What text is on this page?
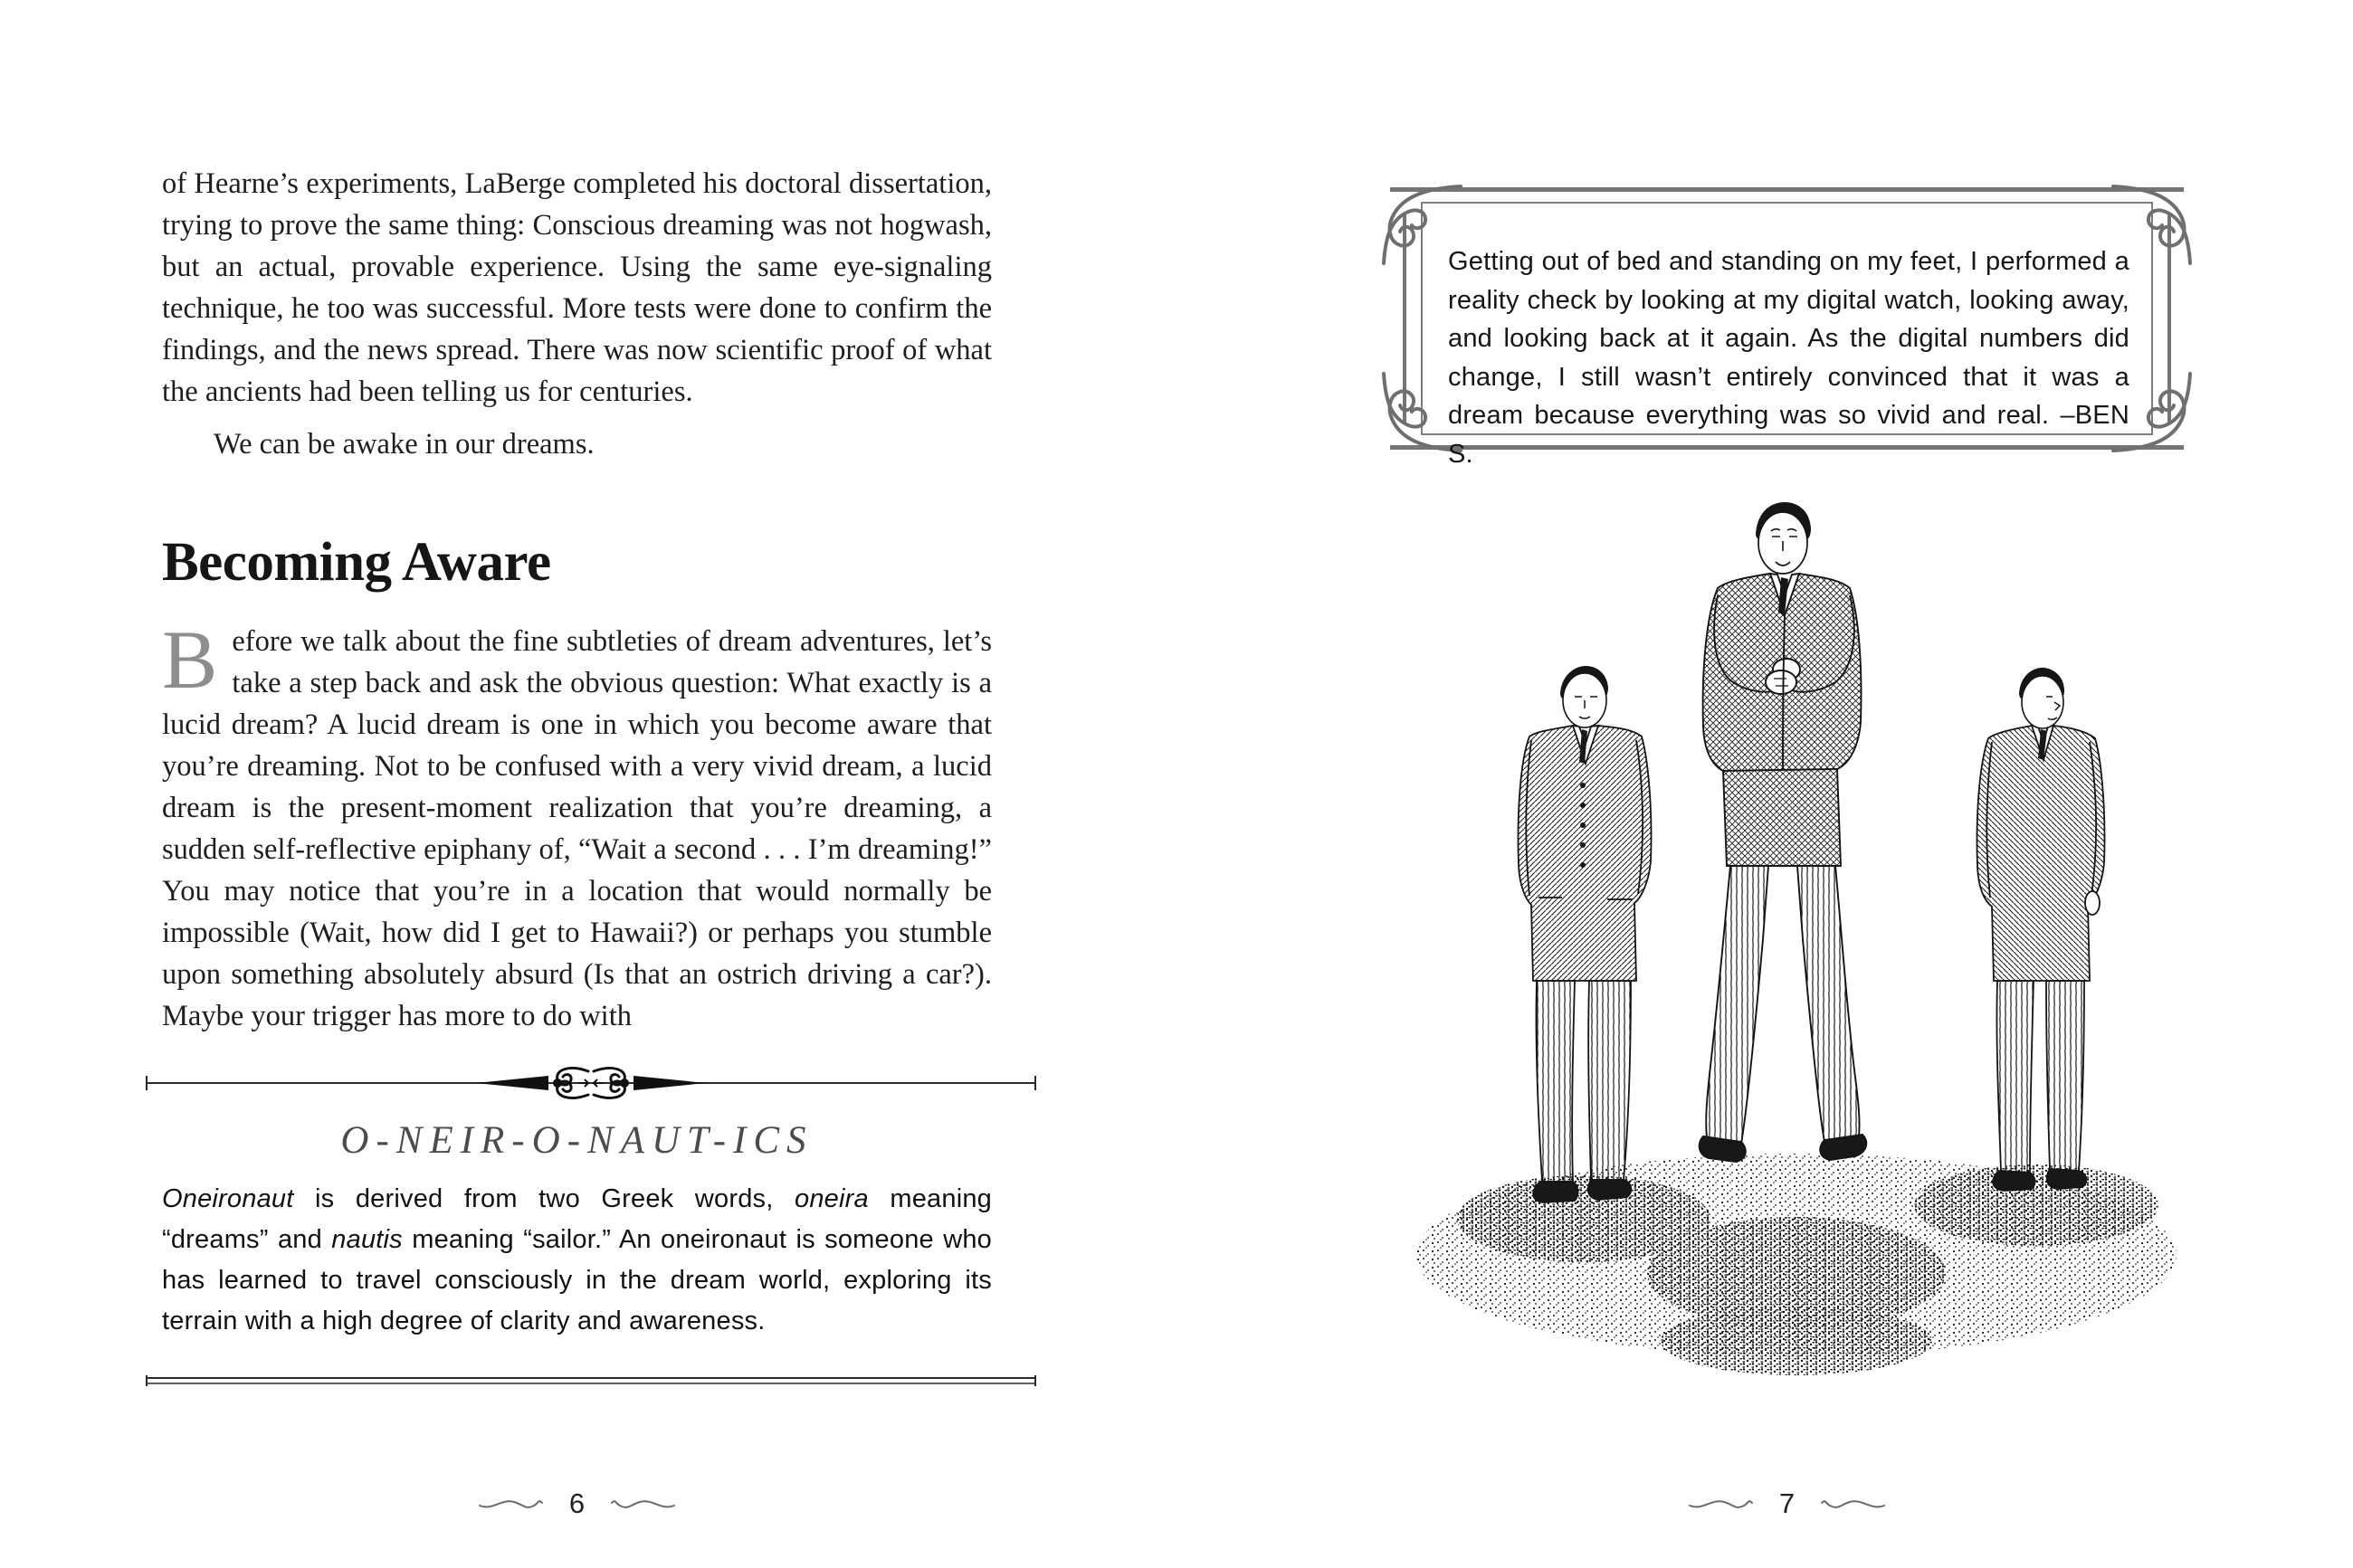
of Hearne’s experiments, LaBerge completed his doctoral dissertation, trying to prove the same thing: Conscious dreaming was not hogwash, but an actual, provable experience. Using the same eye-signaling technique, he too was successful. More tests were done to confirm the findings, and the news spread. There was now scientific proof of what the ancients had been telling us for centuries.

We can be awake in our dreams.

Becoming Aware

Before we talk about the fine subtleties of dream adventures, let’s take a step back and ask the obvious question: What exactly is a lucid dream? A lucid dream is one in which you become aware that you’re dreaming. Not to be confused with a very vivid dream, a lucid dream is the present-moment realization that you’re dreaming, a sudden self-reflective epiphany of, “Wait a second . . . I’m dreaming!” You may notice that you’re in a location that would normally be impossible (Wait, how did I get to Hawaii?) or perhaps you stumble upon something absolutely absurd (Is that an ostrich driving a car?). Maybe your trigger has more to do with

O-NEIR-O-NAUT-ICS

Oneironaut is derived from two Greek words, oneira meaning “dreams” and nautis meaning “sailor.” An oneironaut is someone who has learned to travel consciously in the dream world, exploring its terrain with a high degree of clarity and awareness.

6

Getting out of bed and standing on my feet, I performed a reality check by looking at my digital watch, looking away, and looking back at it again. As the digital numbers did change, I still wasn’t entirely convinced that it was a dream because everything was so vivid and real. –BEN S.

7
